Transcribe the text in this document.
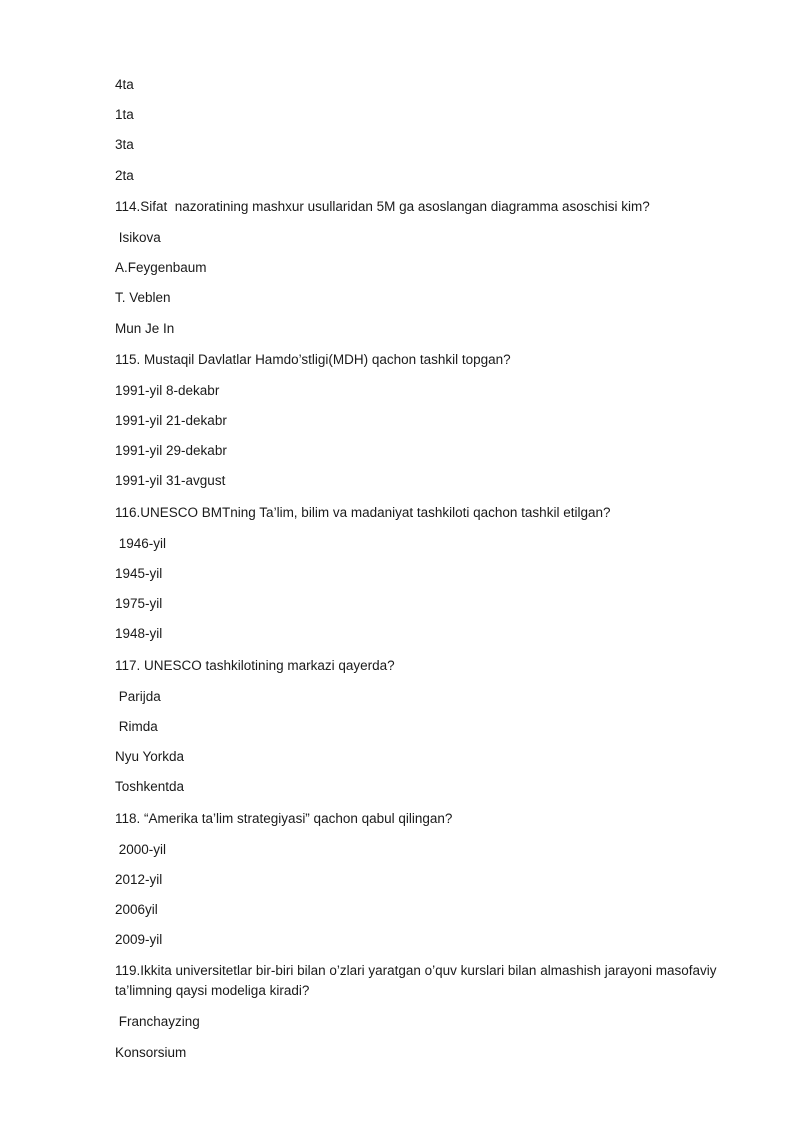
4ta
1ta
3ta
2ta
114.Sifat  nazoratining mashxur usullaridan 5M ga asoslangan diagramma asoschisi kim?
Isikova
A.Feygenbaum
T. Veblen
Mun Je In
115. Mustaqil Davlatlar Hamdo’stligi(MDH) qachon tashkil topgan?
1991-yil 8-dekabr
1991-yil 21-dekabr
1991-yil 29-dekabr
1991-yil 31-avgust
116.UNESCO BMTning Ta’lim, bilim va madaniyat tashkiloti qachon tashkil etilgan?
1946-yil
1945-yil
1975-yil
1948-yil
117. UNESCO tashkilotining markazi qayerda?
Parijda
Rimda
Nyu Yorkda
Toshkentda
118. “Amerika ta’lim strategiyasi” qachon qabul qilingan?
2000-yil
2012-yil
2006yil
2009-yil
119.Ikkita universitetlar bir-biri bilan o’zlari yaratgan o’quv kurslari bilan almashish jarayoni masofaviy ta’limning qaysi modeliga kiradi?
Franchayzing
Konsorsium
